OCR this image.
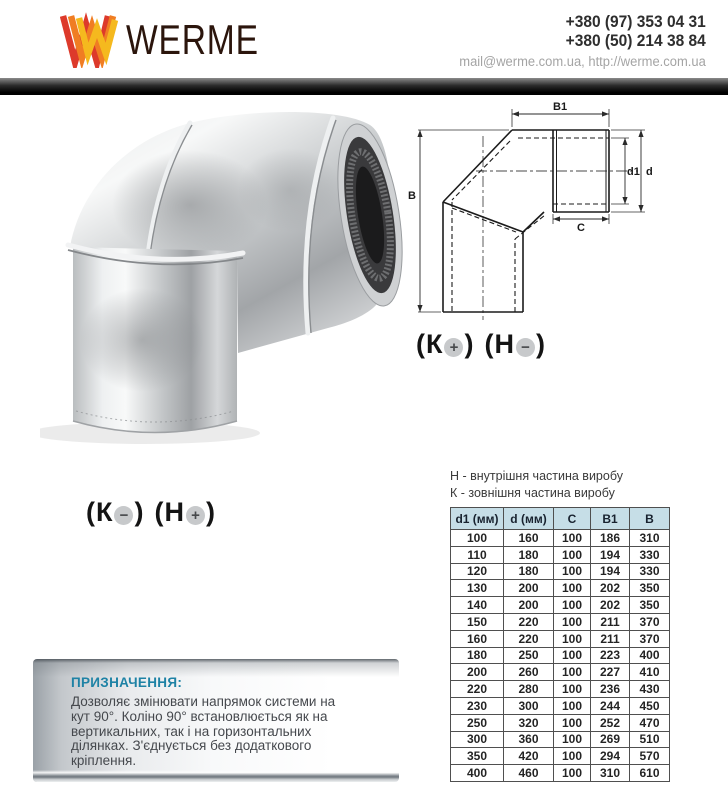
WERME	+380 (97) 353 04 31
+380 (50) 214 38 84
mail@werme.com.ua, http://werme.com.ua
B1
B
d1 d
C
(К + ) (Н − )
(К − ) (Н + )
Н - внутрішня частина виробу
К - зовнішня частина виробу
d1 (мм)	d (мм)	C	B1	B
100	160	100	186	310
110	180	100	194	330
120	180	100	194	330
130	200	100	202	350
140	200	100	202	350
150	220	100	211	370
160	220	100	211	370
180	250	100	223	400
200	260	100	227	410
220	280	100	236	430
230	300	100	244	450
250	320	100	252	470
300	360	100	269	510
350	420	100	294	570
400	460	100	310	610
ПРИЗНАЧЕННЯ:

Дозволяє змінювати напрямок системи на кут 90°. Коліно 90° встановлюється як на вертикальних, так і на горизонтальних ділянках. З'єднується без додаткового кріплення.
